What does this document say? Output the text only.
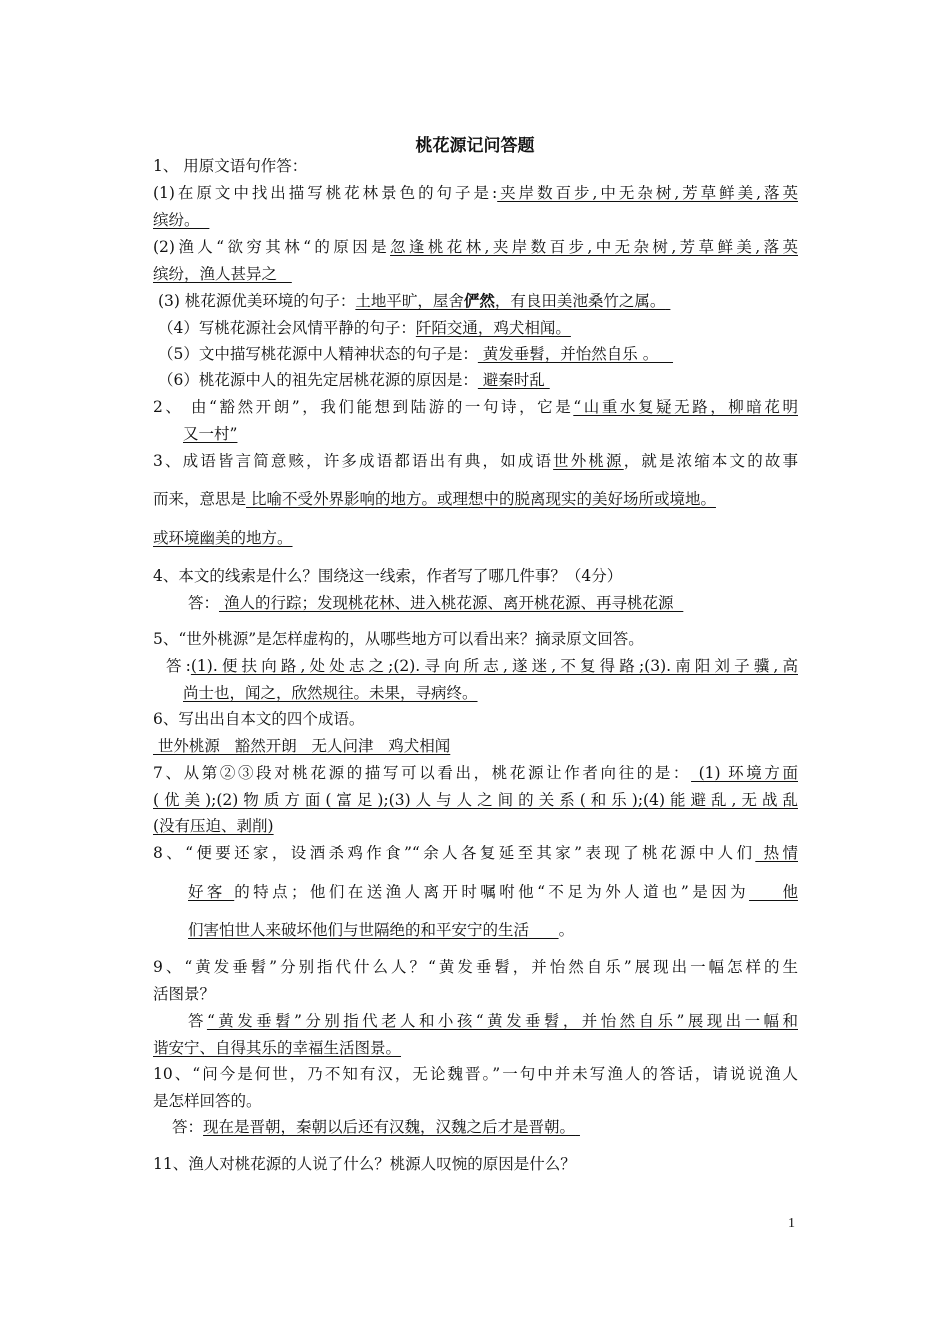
桃花源记问答题
1、 用原文语句作答：
(1)在原文中找出描写桃花林景色的句子是:夹岸数百步,中无杂树,芳草鲜美,落英
缤纷。
(2)渔人“欲穷其林“的原因是忽逢桃花林,夹岸数百步,中无杂树,芳草鲜美,落英
缤纷，渔人甚异之
(3) 桃花源优美环境的句子：土地平旷，屋舍俨然，有良田美池桑竹之属。
（4）写桃花源社会风情平静的句子：阡陌交通，鸡犬相闻。
（5）文中描写桃花源中人精神状态的句子是： 黄发垂髫，并怡然自乐 。
（6）桃花源中人的祖先定居桃花源的原因是： 避秦时乱
2、 由“豁然开朗”，我们能想到陆游的一句诗，它是“山重水复疑无路，柳暗花明
又一村”
3、成语皆言简意赅，许多成语都语出有典，如成语世外桃源，就是浓缩本文的故事
而来，意思是 比喻不受外界影响的地方。或理想中的脱离现实的美好场所或境地。
或环境幽美的地方。
4、本文的线索是什么？围绕这一线索，作者写了哪几件事？（4分）
答： 渔人的行踪；发现桃花林、进入桃花源、离开桃花源、再寻桃花源
5、“世外桃源”是怎样虚构的，从哪些地方可以看出来？摘录原文回答。
答:(1).便扶向路,处处志之;(2).寻向所志,遂迷,不复得路;(3).南阳刘子骥,高
尚士也，闻之，欣然规往。未果，寻病终。
6、写出出自本文的四个成语。
世外桃源   豁然开朗   无人问津   鸡犬相闻
7、从第②③段对桃花源的描写可以看出，桃花源让作者向往的是： (1) 环境方面
(优美);(2)物质方面(富足);(3)人与人之间的关系(和乐);(4)能避乱,无战乱
(没有压迫、剥削)
8、“便要还家，设酒杀鸡作食”“余人各复延至其家”表现了桃花源中人们 热情
好客 的特点；他们在送渔人离开时嘱咐他“不足为外人道也”是因为    他
们害怕世人来破坏他们与世隔绝的和平安宁的生活      。
9、“黄发垂髫”分别指代什么人？“黄发垂髫，并怡然自乐”展现出一幅怎样的生
活图景？
答“黄发垂髫”分别指代老人和小孩“黄发垂髫，并怡然自乐”展现出一幅和
谐安宁、自得其乐的幸福生活图景。
10、“问今是何世，乃不知有汉，无论魏晋。”一句中并未写渔人的答话，请说说渔人
是怎样回答的。
答：现在是晋朝，秦朝以后还有汉魏，汉魏之后才是晋朝。
11、渔人对桃花源的人说了什么？桃源人叹惋的原因是什么？
1
